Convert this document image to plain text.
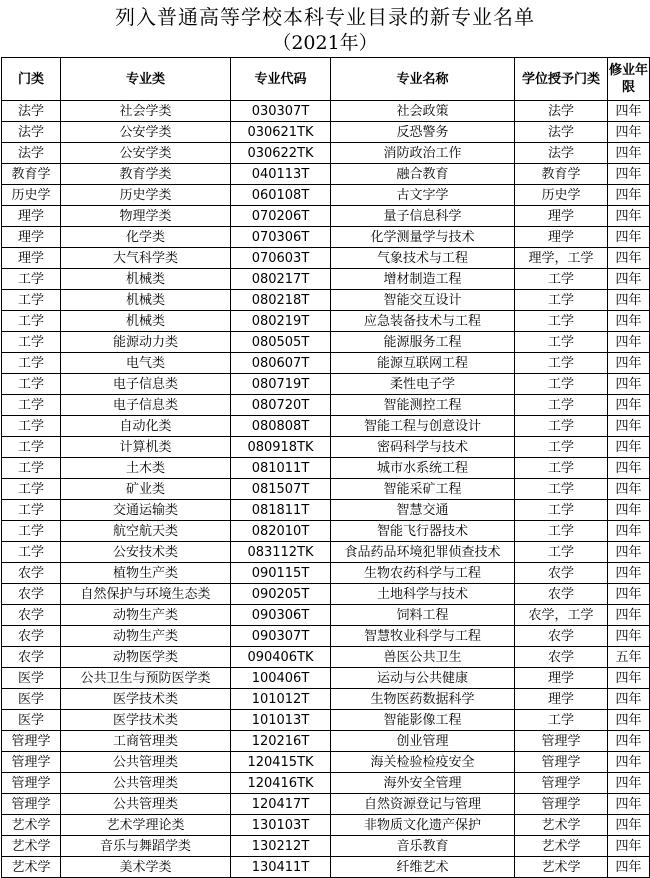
列入普通高等学校本科专业目录的新专业名单
（2021年）
门类	专业类	专业代码	专业名称	学位授予门类	修业年限
法学	社会学类	030307T	社会政策	法学	四年
法学	公安学类	030621TK	反恐警务	法学	四年
法学	公安学类	030622TK	消防政治工作	法学	四年
教育学	教育学类	040113T	融合教育	教育学	四年
历史学	历史学类	060108T	古文字学	历史学	四年
理学	物理学类	070206T	量子信息科学	理学	四年
理学	化学类	070306T	化学测量学与技术	理学	四年
理学	大气科学类	070603T	气象技术与工程	理学，工学	四年
工学	机械类	080217T	增材制造工程	工学	四年
工学	机械类	080218T	智能交互设计	工学	四年
工学	机械类	080219T	应急装备技术与工程	工学	四年
工学	能源动力类	080505T	能源服务工程	工学	四年
工学	电气类	080607T	能源互联网工程	工学	四年
工学	电子信息类	080719T	柔性电子学	工学	四年
工学	电子信息类	080720T	智能测控工程	工学	四年
工学	自动化类	080808T	智能工程与创意设计	工学	四年
工学	计算机类	080918TK	密码科学与技术	工学	四年
工学	土木类	081011T	城市水系统工程	工学	四年
工学	矿业类	081507T	智能采矿工程	工学	四年
工学	交通运输类	081811T	智慧交通	工学	四年
工学	航空航天类	082010T	智能飞行器技术	工学	四年
工学	公安技术类	083112TK	食品药品环境犯罪侦查技术	工学	四年
农学	植物生产类	090115T	生物农药科学与工程	农学	四年
农学	自然保护与环境生态类	090205T	土地科学与技术	农学	四年
农学	动物生产类	090306T	饲料工程	农学，工学	四年
农学	动物生产类	090307T	智慧牧业科学与工程	农学	四年
农学	动物医学类	090406TK	兽医公共卫生	农学	五年
医学	公共卫生与预防医学类	100406T	运动与公共健康	理学	四年
医学	医学技术类	101012T	生物医药数据科学	理学	四年
医学	医学技术类	101013T	智能影像工程	工学	四年
管理学	工商管理类	120216T	创业管理	管理学	四年
管理学	公共管理类	120415TK	海关检验检疫安全	管理学	四年
管理学	公共管理类	120416TK	海外安全管理	管理学	四年
管理学	公共管理类	120417T	自然资源登记与管理	管理学	四年
艺术学	艺术学理论类	130103T	非物质文化遗产保护	艺术学	四年
艺术学	音乐与舞蹈学类	130212T	音乐教育	艺术学	四年
艺术学	美术学类	130411T	纤维艺术	艺术学	四年
